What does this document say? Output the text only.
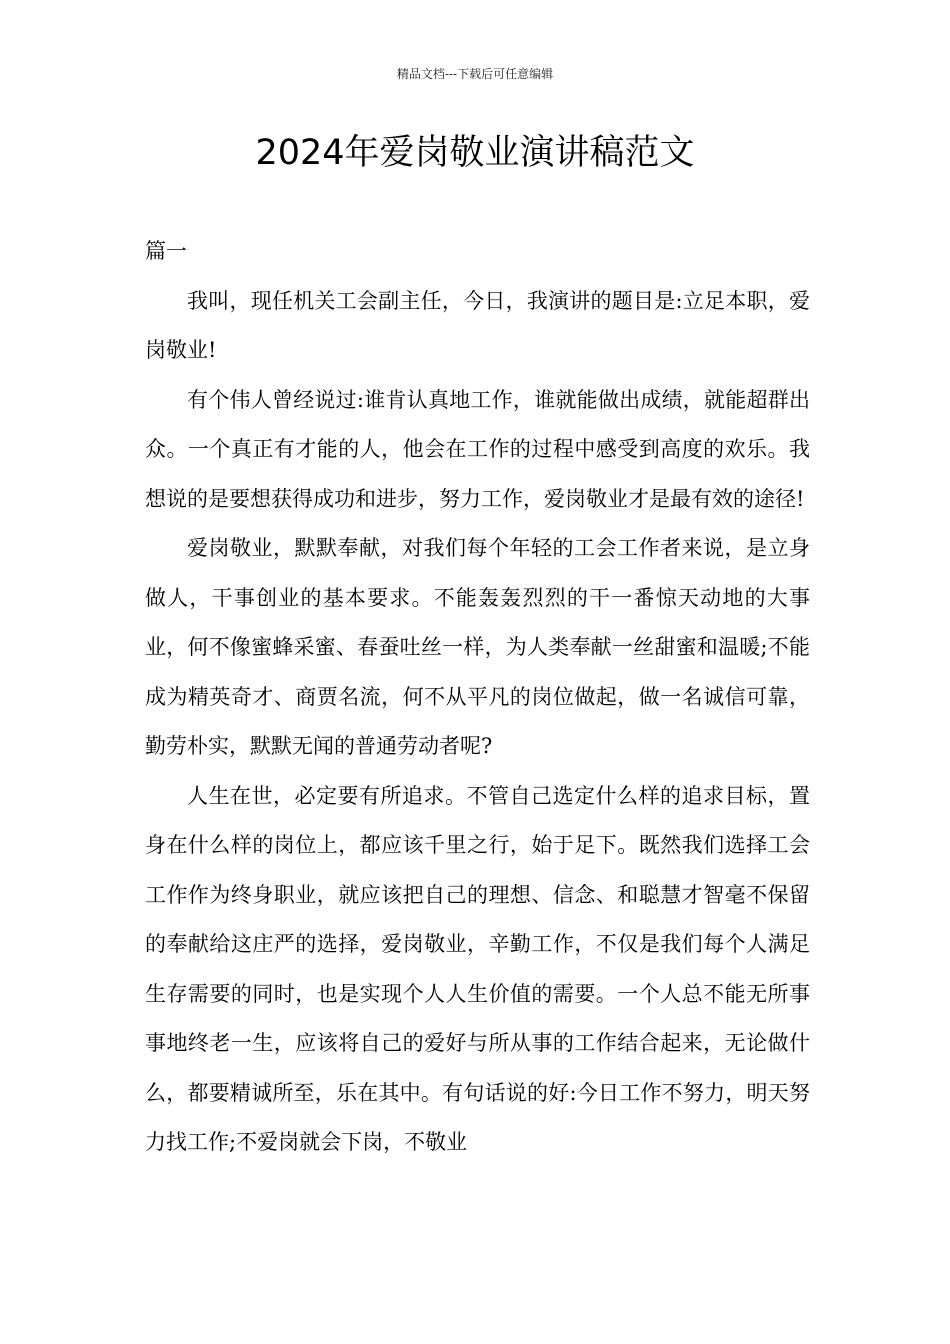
精品文档---下载后可任意编辑
2024年爱岗敬业演讲稿范文

篇一

我叫，现任机关工会副主任，今日，我演讲的题目是:立足本职，爱岗敬业!

有个伟人曾经说过:谁肯认真地工作，谁就能做出成绩，就能超群出众。一个真正有才能的人，他会在工作的过程中感受到高度的欢乐。我想说的是要想获得成功和进步，努力工作，爱岗敬业才是最有效的途径!

爱岗敬业，默默奉献，对我们每个年轻的工会工作者来说，是立身做人，干事创业的基本要求。不能轰轰烈烈的干一番惊天动地的大事业，何不像蜜蜂采蜜、春蚕吐丝一样，为人类奉献一丝甜蜜和温暖;不能成为精英奇才、商贾名流，何不从平凡的岗位做起，做一名诚信可靠，勤劳朴实，默默无闻的普通劳动者呢?

人生在世，必定要有所追求。不管自己选定什么样的追求目标，置身在什么样的岗位上，都应该千里之行，始于足下。既然我们选择工会工作作为终身职业，就应该把自己的理想、信念、和聪慧才智毫不保留的奉献给这庄严的选择，爱岗敬业，辛勤工作，不仅是我们每个人满足生存需要的同时，也是实现个人人生价值的需要。一个人总不能无所事事地终老一生，应该将自己的爱好与所从事的工作结合起来，无论做什么，都要精诚所至，乐在其中。有句话说的好:今日工作不努力，明天努力找工作;不爱岗就会下岗，不敬业
